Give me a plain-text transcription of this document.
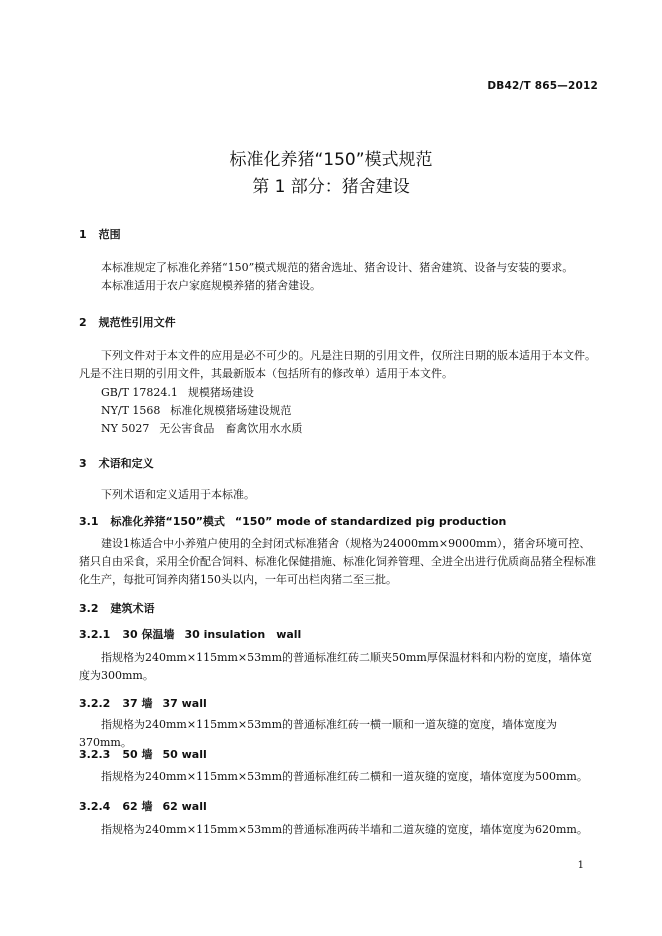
DB42/T 865—2012
标准化养猪“150”模式规范
第 1 部分：猪舍建设
1 范围
本标准规定了标准化养猪“150”模式规范的猪舍选址、猪舍设计、猪舍建筑、设备与安装的要求。
本标准适用于农户家庭规模养猪的猪舍建设。
2 规范性引用文件
下列文件对于本文件的应用是必不可少的。凡是注日期的引用文件，仅所注日期的版本适用于本文件。凡是不注日期的引用文件，其最新版本（包括所有的修改单）适用于本文件。
GB/T 17824.1 规模猪场建设
NY/T 1568 标准化规模猪场建设规范
NY 5027 无公害食品　畜禽饮用水水质
3 术语和定义
下列术语和定义适用于本标准。
3.1 标准化养猪“150”模式 “150” mode of standardized pig production
建设1栋适合中小养殖户使用的全封闭式标准猪舍（规格为24000mm×9000mm），猪舍环境可控、猪只自由采食，采用全价配合饲料、标准化保健措施、标准化饲养管理、全进全出进行优质商品猪全程标准化生产，每批可饲养肉猪150头以内，一年可出栏肉猪二至三批。
3.2 建筑术语
3.2.1 30 保温墙 30 insulation　wall
指规格为240mm×115mm×53mm的普通标准红砖二顺夹50mm厚保温材料和内粉的宽度，墙体宽度为300mm。
3.2.2 37 墙 37 wall
指规格为240mm×115mm×53mm的普通标准红砖一横一顺和一道灰缝的宽度，墙体宽度为370mm。
3.2.3 50 墙 50 wall
指规格为240mm×115mm×53mm的普通标准红砖二横和一道灰缝的宽度，墙体宽度为500mm。
3.2.4 62 墙 62 wall
指规格为240mm×115mm×53mm的普通标准两砖半墙和二道灰缝的宽度，墙体宽度为620mm。
1
